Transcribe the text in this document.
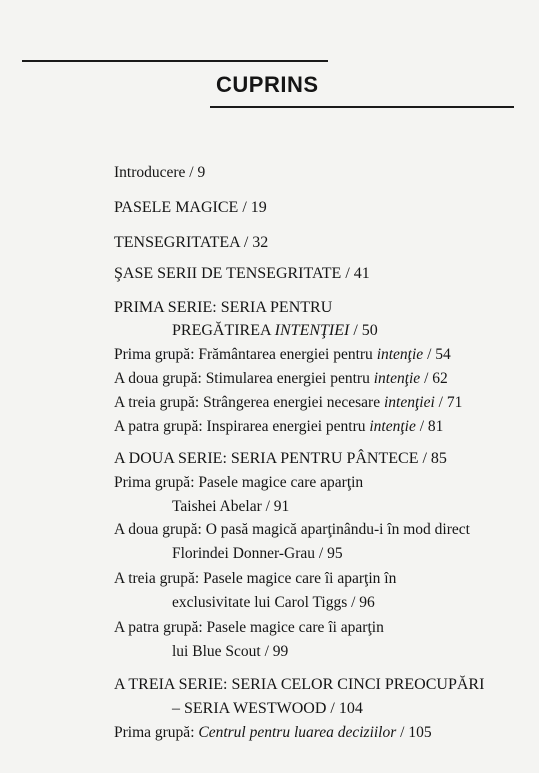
CUPRINS
Introducere / 9
PASELE MAGICE / 19
TENSEGRITATEA / 32
ŞASE SERII DE TENSEGRITATE / 41
PRIMA SERIE: SERIA PENTRU
PREGĂTIREA INTENŢIEI / 50
Prima grupă: Frământarea energiei pentru intenţie / 54
A doua grupă: Stimularea energiei pentru intenţie / 62
A treia grupă: Strângerea energiei necesare intenţiei / 71
A patra grupă: Inspirarea energiei pentru intenţie / 81
A DOUA SERIE: SERIA PENTRU PÂNTECE / 85
Prima grupă: Pasele magice care aparţin
Taishei Abelar / 91
A doua grupă: O pasă magică aparţinându-i în mod direct
Florindei Donner-Grau / 95
A treia grupă: Pasele magice care îi aparţin în
exclusivitate lui Carol Tiggs / 96
A patra grupă: Pasele magice care îi aparţin
lui Blue Scout / 99
A TREIA SERIE: SERIA CELOR CINCI PREOCUPĂRI
– SERIA WESTWOOD / 104
Prima grupă: Centrul pentru luarea deciziilor / 105
